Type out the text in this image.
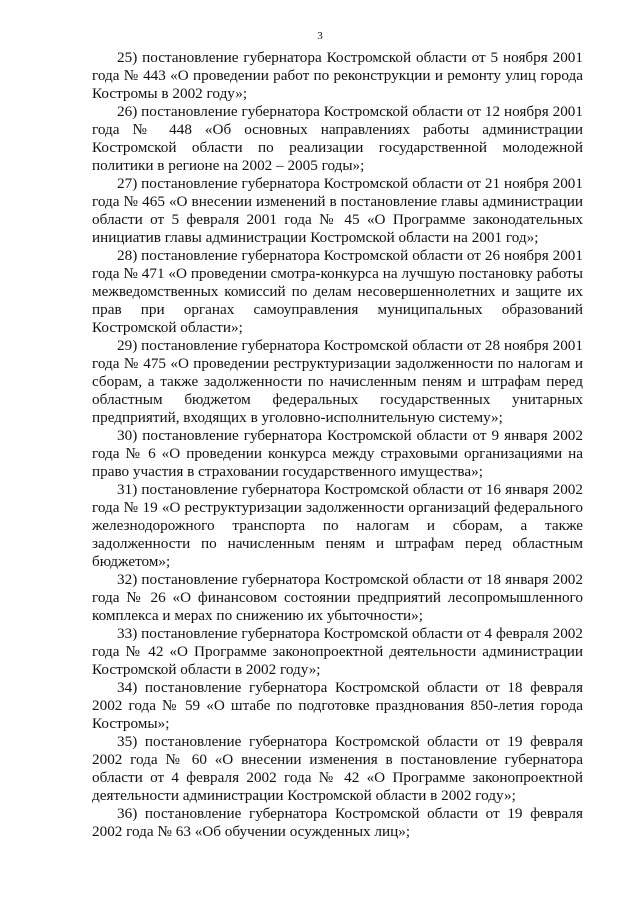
3

25) постановление губернатора Костромской области от 5 ноября 2001 года № 443 «О проведении работ по реконструкции и ремонту улиц города Костромы в 2002 году»;

26) постановление губернатора Костромской области от 12 ноября 2001 года № 448 «Об основных направлениях работы администрации Костромской области по реализации государственной молодежной политики в регионе на 2002 – 2005 годы»;

27) постановление губернатора Костромской области от 21 ноября 2001 года № 465 «О внесении изменений в постановление главы администрации области от 5 февраля 2001 года № 45 «О Программе законодательных инициатив главы администрации Костромской области на 2001 год»;

28) постановление губернатора Костромской области от 26 ноября 2001 года № 471 «О проведении смотра-конкурса на лучшую постановку работы межведомственных комиссий по делам несовершеннолетних и защите их прав при органах самоуправления муниципальных образований Костромской области»;

29) постановление губернатора Костромской области от 28 ноября 2001 года № 475 «О проведении реструктуризации задолженности по налогам и сборам, а также задолженности по начисленным пеням и штрафам перед областным бюджетом федеральных государственных унитарных предприятий, входящих в уголовно-исполнительную систему»;

30) постановление губернатора Костромской области от 9 января 2002 года № 6 «О проведении конкурса между страховыми организациями на право участия в страховании государственного имущества»;

31) постановление губернатора Костромской области от 16 января 2002 года № 19 «О реструктуризации задолженности организаций федерального железнодорожного транспорта по налогам и сборам, а также задолженности по начисленным пеням и штрафам перед областным бюджетом»;

32) постановление губернатора Костромской области от 18 января 2002 года № 26 «О финансовом состоянии предприятий лесопромышленного комплекса и мерах по снижению их убыточности»;

33) постановление губернатора Костромской области от 4 февраля 2002 года № 42 «О Программе законопроектной деятельности администрации Костромской области в 2002 году»;

34) постановление губернатора Костромской области от 18 февраля 2002 года № 59 «О штабе по подготовке празднования 850-летия города Костромы»;

35) постановление губернатора Костромской области от 19 февраля 2002 года № 60 «О внесении изменения в постановление губернатора области от 4 февраля 2002 года № 42 «О Программе законопроектной деятельности администрации Костромской области в 2002 году»;

36) постановление губернатора Костромской области от 19 февраля 2002 года № 63 «Об обучении осужденных лиц»;
